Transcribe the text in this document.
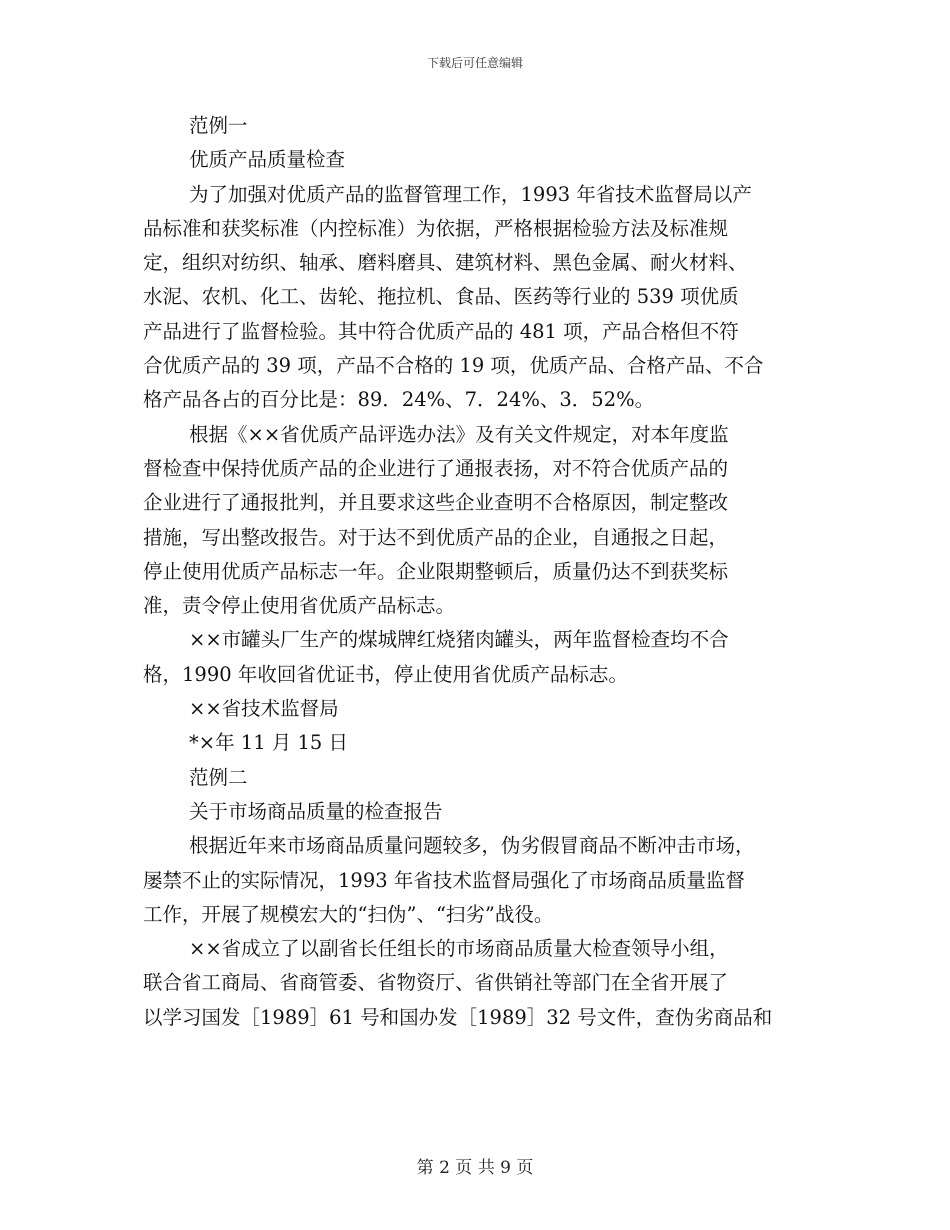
下载后可任意编辑
范例一
优质产品质量检查
为了加强对优质产品的监督管理工作，1993 年省技术监督局以产
品标准和获奖标准（内控标准）为依据，严格根据检验方法及标准规
定，组织对纺织、轴承、磨料磨具、建筑材料、黑色金属、耐火材料、
水泥、农机、化工、齿轮、拖拉机、食品、医药等行业的 539 项优质
产品进行了监督检验。其中符合优质产品的 481 项，产品合格但不符
合优质产品的 39 项，产品不合格的 19 项，优质产品、合格产品、不合
格产品各占的百分比是：89．24%、7．24%、3．52%。
根据《××省优质产品评选办法》及有关文件规定，对本年度监
督检查中保持优质产品的企业进行了通报表扬，对不符合优质产品的
企业进行了通报批判，并且要求这些企业查明不合格原因，制定整改
措施，写出整改报告。对于达不到优质产品的企业，自通报之日起，
停止使用优质产品标志一年。企业限期整顿后，质量仍达不到获奖标
准，责令停止使用省优质产品标志。
××市罐头厂生产的煤城牌红烧猪肉罐头，两年监督检查均不合
格，1990 年收回省优证书，停止使用省优质产品标志。
××省技术监督局
*×年 11 月 15 日
范例二
关于市场商品质量的检查报告
根据近年来市场商品质量问题较多，伪劣假冒商品不断冲击市场，
屡禁不止的实际情况，1993 年省技术监督局强化了市场商品质量监督
工作，开展了规模宏大的“扫伪”、“扫劣”战役。
××省成立了以副省长任组长的市场商品质量大检查领导小组，
联合省工商局、省商管委、省物资厅、省供销社等部门在全省开展了
以学习国发［1989］61 号和国办发［1989］32 号文件，查伪劣商品和
第 2 页 共 9 页
